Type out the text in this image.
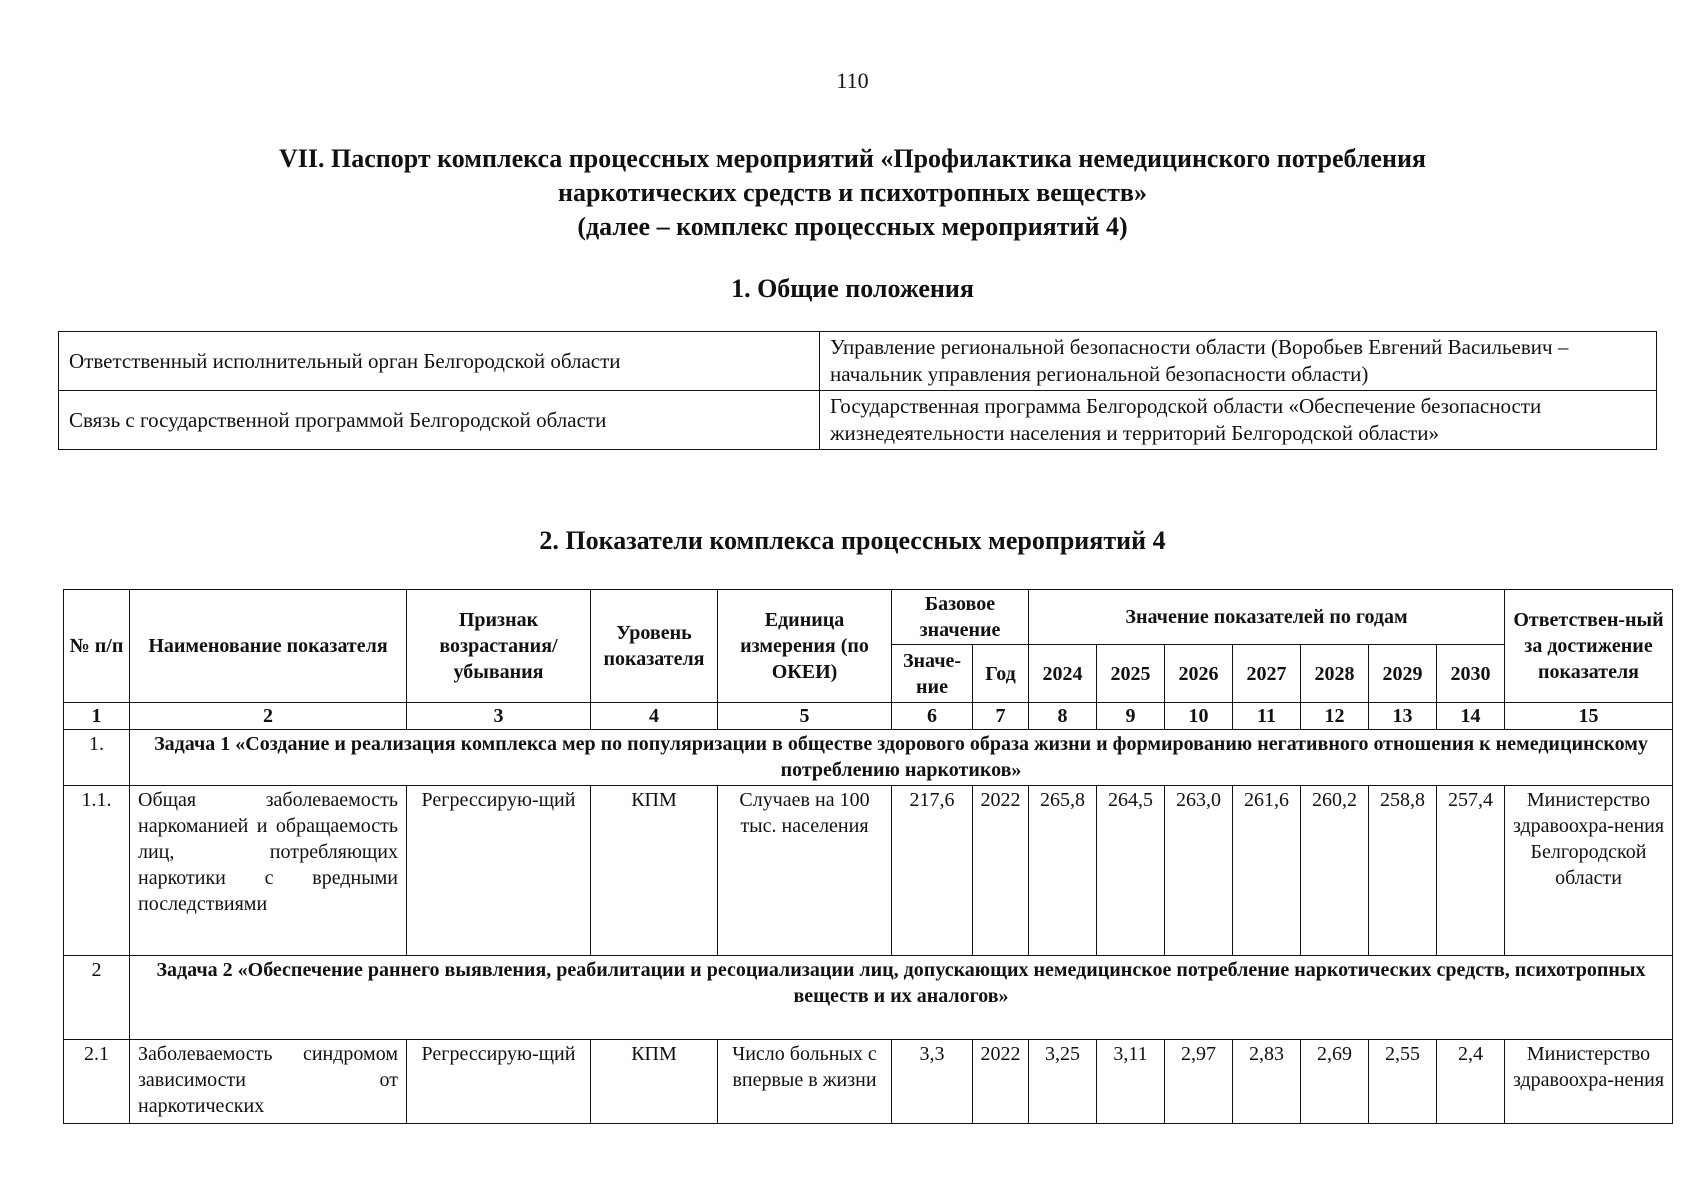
110
VII. Паспорт комплекса процессных мероприятий «Профилактика немедицинского потребления
наркотических средств и психотропных веществ»
(далее – комплекс процессных мероприятий 4)
1. Общие положения
Ответственный исполнительный орган Белгородской области	Управление региональной безопасности области (Воробьев Евгений Васильевич – начальник управления региональной безопасности области)
Связь с государственной программой Белгородской области	Государственная программа Белгородской области «Обеспечение безопасности жизнедеятельности населения и территорий Белгородской области»
2. Показатели комплекса процессных мероприятий 4
№ п/п	Наименование показателя	Признак возрастания/ убывания	Уровень показателя	Единица измерения (по ОКЕИ)	Базовое значение		Значение показателей по годам							Ответствен-ный за достижение показателя
					Значе-ние	Год	2024	2025	2026	2027	2028	2029	2030	
1	2	3	4	5	6	7	8	9	10	11	12	13	14	15
1.	Задача 1 «Создание и реализация комплекса мер по популяризации в обществе здорового образа жизни и формированию негативного отношения к немедицинскому потреблению наркотиков»													
1.1.	Общая заболеваемость наркоманией и обращаемость лиц, потребляющих наркотики с вредными последствиями	Регрессирую-щий	КПМ	Случаев на 100 тыс. населения	217,6	2022	265,8	264,5	263,0	261,6	260,2	258,8	257,4	Министерство здравоохра-нения Белгородской области
2	Задача 2 «Обеспечение раннего выявления, реабилитации и ресоциализации лиц, допускающих немедицинское потребление наркотических средств, психотропных веществ и их аналогов»													
2.1	Заболеваемость синдромом зависимости от наркотических	Регрессирую-щий	КПМ	Число больных с впервые в жизни	3,3	2022	3,25	3,11	2,97	2,83	2,69	2,55	2,4	Министерство здравоохра-нения
